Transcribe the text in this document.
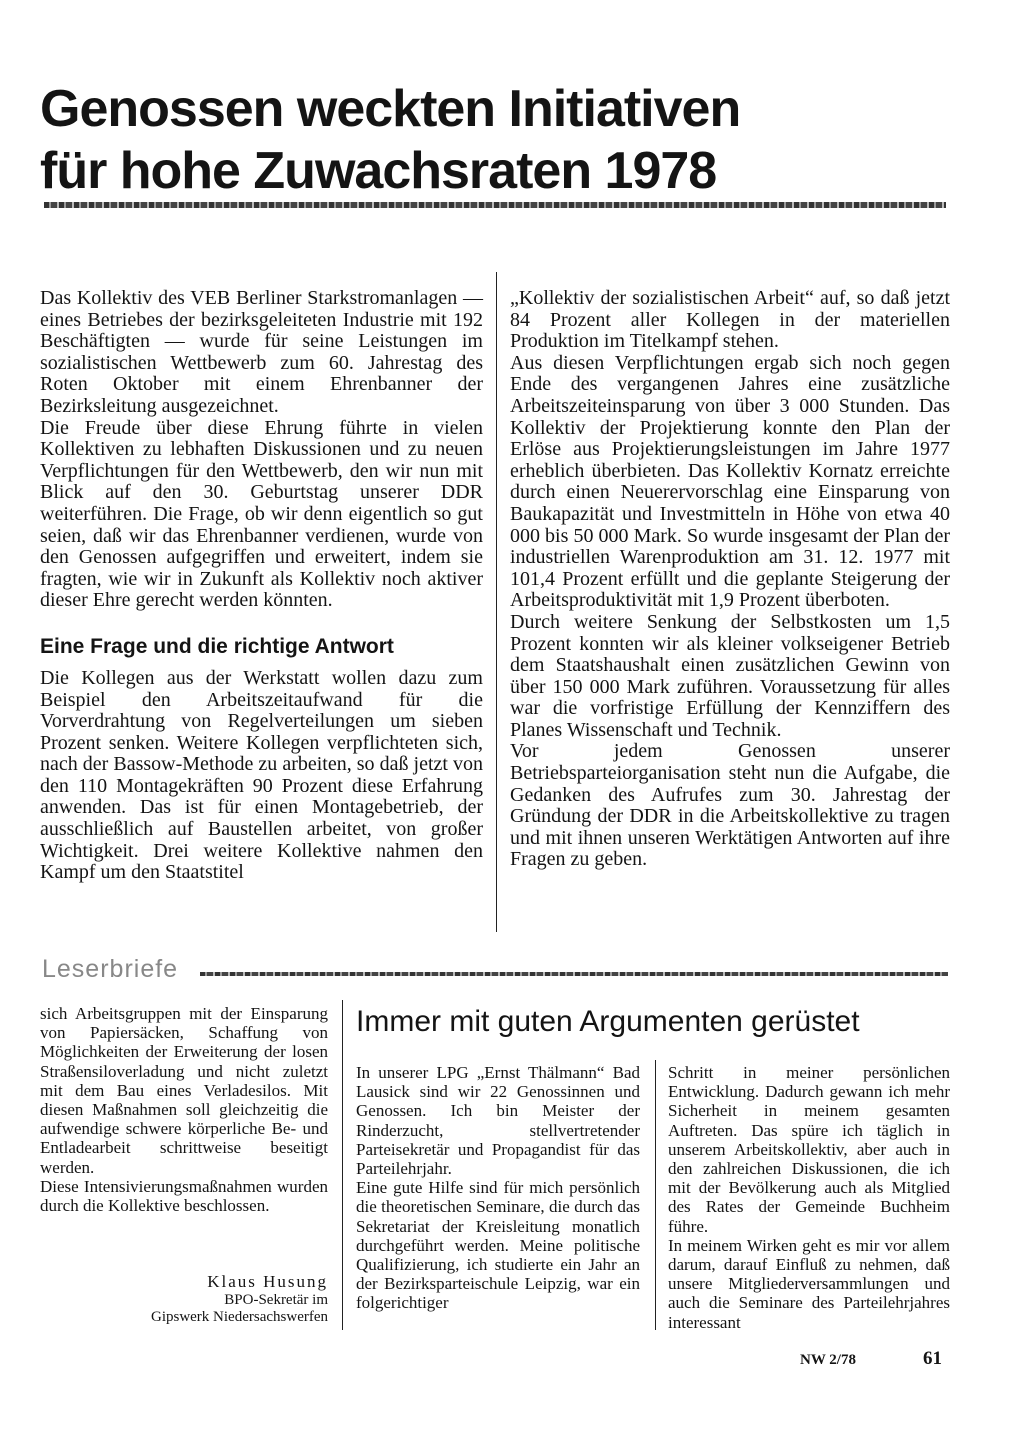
Genossen weckten Initiativen
für hohe Zuwachsraten 1978

Das Kollektiv des VEB Berliner Starkstromanlagen — eines Betriebes der bezirksgeleiteten Industrie mit 192 Beschäftigten — wurde für seine Leistungen im sozialistischen Wettbewerb zum 60. Jahrestag des Roten Oktober mit einem Ehrenbanner der Bezirksleitung ausgezeichnet.

Die Freude über diese Ehrung führte in vielen Kollektiven zu lebhaften Diskussionen und zu neuen Verpflichtungen für den Wettbewerb, den wir nun mit Blick auf den 30. Geburtstag unserer DDR weiterführen. Die Frage, ob wir denn eigentlich so gut seien, daß wir das Ehrenbanner verdienen, wurde von den Genossen aufgegriffen und erweitert, indem sie fragten, wie wir in Zukunft als Kollektiv noch aktiver dieser Ehre gerecht werden könnten.

Eine Frage und die richtige Antwort

Die Kollegen aus der Werkstatt wollen dazu zum Beispiel den Arbeitszeitaufwand für die Vorverdrahtung von Regelverteilungen um sieben Prozent senken. Weitere Kollegen verpflichteten sich, nach der Bassow-Methode zu arbeiten, so daß jetzt von den 110 Montagekräften 90 Prozent diese Erfahrung anwenden. Das ist für einen Montagebetrieb, der ausschließlich auf Baustellen arbeitet, von großer Wichtigkeit. Drei weitere Kollektive nahmen den Kampf um den Staatstitel

„Kollektiv der sozialistischen Arbeit“ auf, so daß jetzt 84 Prozent aller Kollegen in der materiellen Produktion im Titelkampf stehen.

Aus diesen Verpflichtungen ergab sich noch gegen Ende des vergangenen Jahres eine zusätzliche Arbeitszeiteinsparung von über 3 000 Stunden. Das Kollektiv der Projektierung konnte den Plan der Erlöse aus Projektierungsleistungen im Jahre 1977 erheblich überbieten. Das Kollektiv Kornatz erreichte durch einen Neuerervorschlag eine Einsparung von Baukapazität und Investmitteln in Höhe von etwa 40 000 bis 50 000 Mark. So wurde insgesamt der Plan der industriellen Warenproduktion am 31. 12. 1977 mit 101,4 Prozent erfüllt und die geplante Steigerung der Arbeitsproduktivität mit 1,9 Prozent überboten.

Durch weitere Senkung der Selbstkosten um 1,5 Prozent konnten wir als kleiner volkseigener Betrieb dem Staatshaushalt einen zusätzlichen Gewinn von über 150 000 Mark zuführen. Voraussetzung für alles war die vorfristige Erfüllung der Kennziffern des Planes Wissenschaft und Technik.

Vor jedem Genossen unserer Betriebsparteiorganisation steht nun die Aufgabe, die Gedanken des Aufrufes zum 30. Jahrestag der Gründung der DDR in die Arbeitskollektive zu tragen und mit ihnen unseren Werktätigen Antworten auf ihre Fragen zu geben.

Leserbriefe

sich Arbeitsgruppen mit der Einsparung von Papiersäcken, Schaffung von Möglichkeiten der Erweiterung der losen Straßensilоverladung und nicht zuletzt mit dem Bau eines Verladesilos. Mit diesen Maßnahmen soll gleichzeitig die aufwendige schwere körperliche Be- und Entladearbeit schrittweise beseitigt werden.

Diese Intensivierungsmaßnahmen wurden durch die Kollektive beschlossen.

Klaus Husung
BPO-Sekretär im
Gipswerk Niedersachswerfen
Immer mit guten Argumenten gerüstet

In unserer LPG „Ernst Thälmann“ Bad Lausick sind wir 22 Genossinnen und Genossen. Ich bin Meister der Rinderzucht, stellvertretender Parteisekretär und Propagandist für das Parteilehrjahr.

Eine gute Hilfe sind für mich persönlich die theoretischen Seminare, die durch das Sekretariat der Kreisleitung monatlich durchgeführt werden. Meine politische Qualifizierung, ich studierte ein Jahr an der Bezirksparteischule Leipzig, war ein folgerichtiger

Schritt in meiner persönlichen Entwicklung. Dadurch gewann ich mehr Sicherheit in meinem gesamten Auftreten. Das spüre ich täglich in unserem Arbeitskollektiv, aber auch in den zahlreichen Diskussionen, die ich mit der Bevölkerung auch als Mitglied des Rates der Gemeinde Buchheim führe.

In meinem Wirken geht es mir vor allem darum, darauf Einfluß zu nehmen, daß unsere Mitgliederversammlungen und auch die Seminare des Parteilehrjahres interessant

NW 2/78	61
